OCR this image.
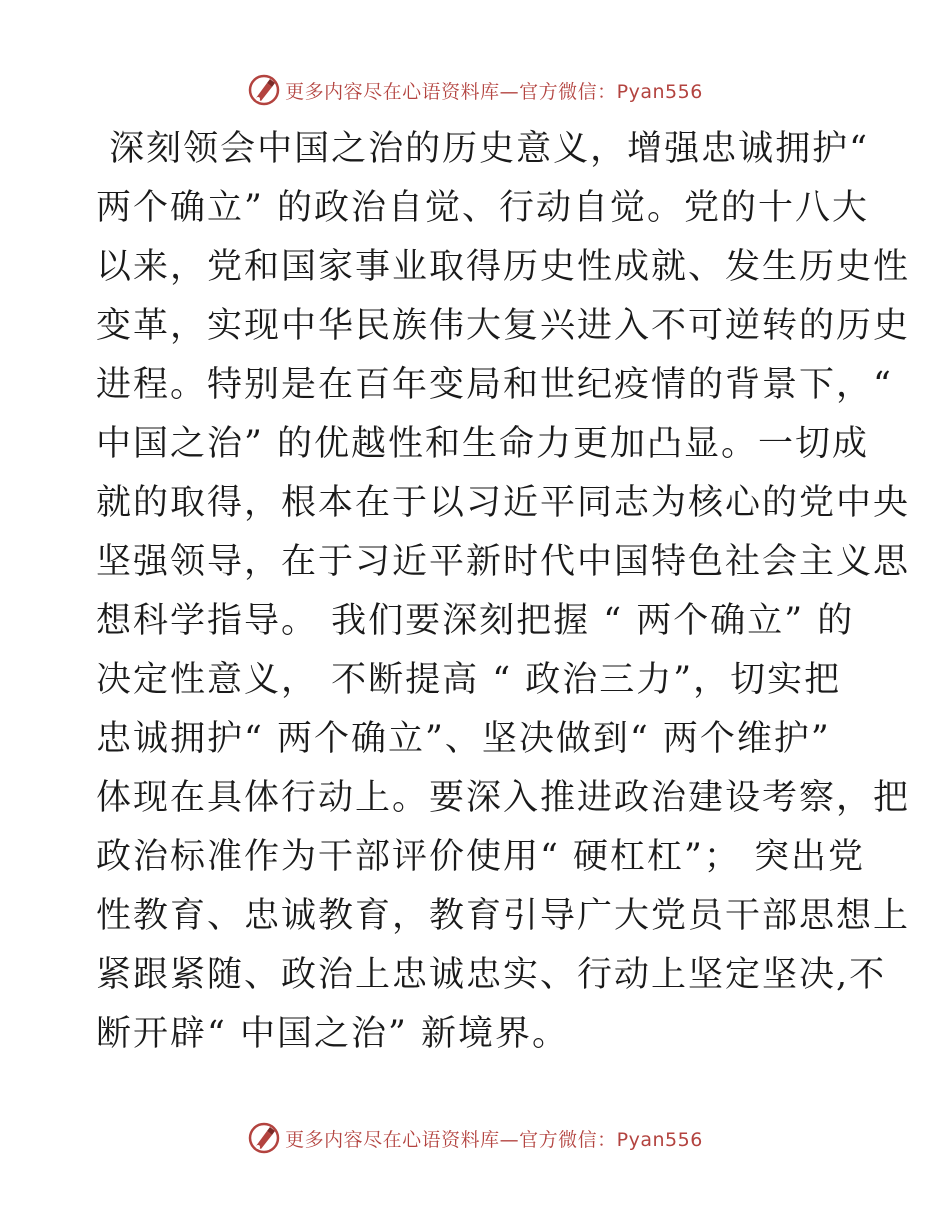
更多内容尽在心语资料库—官方微信：Pyan556
深刻领会中国之治的历史意义，增强忠诚拥护“
两个确立” 的政治自觉、行动自觉。党的十八大
以来，党和国家事业取得历史性成就、发生历史性
变革，实现中华民族伟大复兴进入不可逆转的历史
进程。特别是在百年变局和世纪疫情的背景下，“
中国之治” 的优越性和生命力更加凸显。一切成
就的取得，根本在于以习近平同志为核心的党中央
坚强领导，在于习近平新时代中国特色社会主义思
想科学指导。 我们要深刻把握 “ 两个确立” 的
决定性意义， 不断提高 “ 政治三力”，切实把
忠诚拥护“ 两个确立”、坚决做到“ 两个维护”
体现在具体行动上。要深入推进政治建设考察，把
政治标准作为干部评价使用“ 硬杠杠”； 突出党
性教育、忠诚教育，教育引导广大党员干部思想上
紧跟紧随、政治上忠诚忠实、行动上坚定坚决,不
断开辟“ 中国之治” 新境界。
更多内容尽在心语资料库—官方微信：Pyan556
